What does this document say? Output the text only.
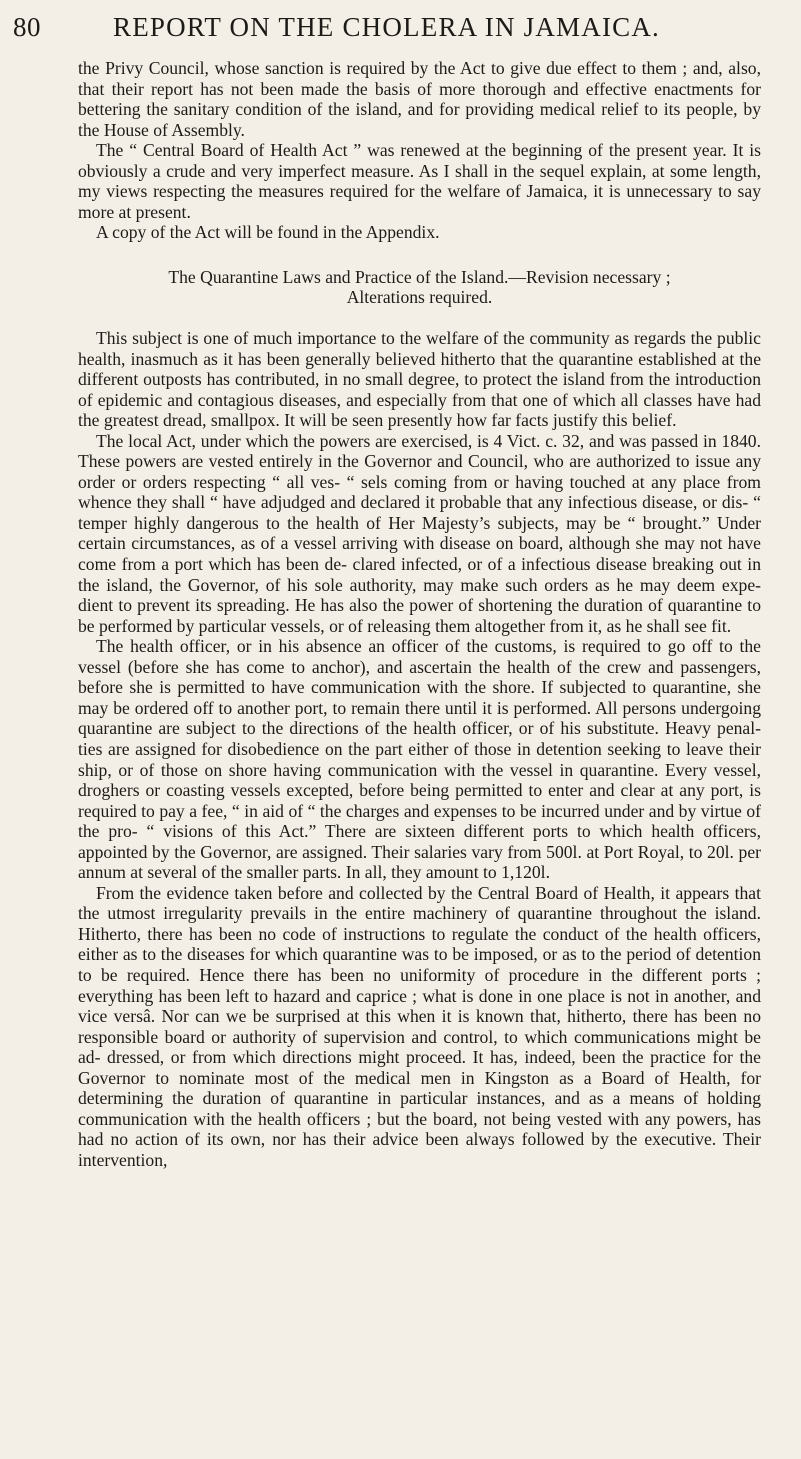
80	REPORT ON THE CHOLERA IN JAMAICA.

the Privy Council, whose sanction is required by the Act to give due effect to them ; and, also, that their report has not been made the basis of more thorough and effective enactments for bettering the sanitary condition of the island, and for providing medical relief to its people, by the House of Assembly.

The “ Central Board of Health Act ” was renewed at the beginning of the present year. It is obviously a crude and very imperfect measure. As I shall in the sequel explain, at some length, my views respecting the measures required for the welfare of Jamaica, it is unnecessary to say more at present.

A copy of the Act will be found in the Appendix.

The Quarantine Laws and Practice of the Island.—Revision necessary ;
Alterations required.

This subject is one of much importance to the welfare of the community as regards the public health, inasmuch as it has been generally believed hitherto that the quarantine established at the different outposts has contributed, in no small degree, to protect the island from the introduction of epidemic and contagious diseases, and especially from that one of which all classes have had the greatest dread, smallpox. It will be seen presently how far facts justify this belief.

The local Act, under which the powers are exercised, is 4 Vict. c. 32, and was passed in 1840. These powers are vested entirely in the Governor and Council, who are authorized to issue any order or orders respecting “ all ves- “ sels coming from or having touched at any place from whence they shall “ have adjudged and declared it probable that any infectious disease, or dis- “ temper highly dangerous to the health of Her Majesty’s subjects, may be “ brought.” Under certain circumstances, as of a vessel arriving with disease on board, although she may not have come from a port which has been de- clared infected, or of a infectious disease breaking out in the island, the Governor, of his sole authority, may make such orders as he may deem expe- dient to prevent its spreading. He has also the power of shortening the duration of quarantine to be performed by particular vessels, or of releasing them altogether from it, as he shall see fit.

The health officer, or in his absence an officer of the customs, is required to go off to the vessel (before she has come to anchor), and ascertain the health of the crew and passengers, before she is permitted to have communication with the shore. If subjected to quarantine, she may be ordered off to another port, to remain there until it is performed. All persons undergoing quarantine are subject to the directions of the health officer, or of his substitute. Heavy penal- ties are assigned for disobedience on the part either of those in detention seeking to leave their ship, or of those on shore having communication with the vessel in quarantine. Every vessel, droghers or coasting vessels excepted, before being permitted to enter and clear at any port, is required to pay a fee, “ in aid of “ the charges and expenses to be incurred under and by virtue of the pro- “ visions of this Act.” There are sixteen different ports to which health officers, appointed by the Governor, are assigned. Their salaries vary from 500l. at Port Royal, to 20l. per annum at several of the smaller parts. In all, they amount to 1,120l.

From the evidence taken before and collected by the Central Board of Health, it appears that the utmost irregularity prevails in the entire machinery of quarantine throughout the island. Hitherto, there has been no code of instructions to regulate the conduct of the health officers, either as to the diseases for which quarantine was to be imposed, or as to the period of detention to be required. Hence there has been no uniformity of procedure in the different ports ; everything has been left to hazard and caprice ; what is done in one place is not in another, and vice versâ. Nor can we be surprised at this when it is known that, hitherto, there has been no responsible board or authority of supervision and control, to which communications might be ad- dressed, or from which directions might proceed. It has, indeed, been the practice for the Governor to nominate most of the medical men in Kingston as a Board of Health, for determining the duration of quarantine in particular instances, and as a means of holding communication with the health officers ; but the board, not being vested with any powers, has had no action of its own, nor has their advice been always followed by the executive. Their intervention,
